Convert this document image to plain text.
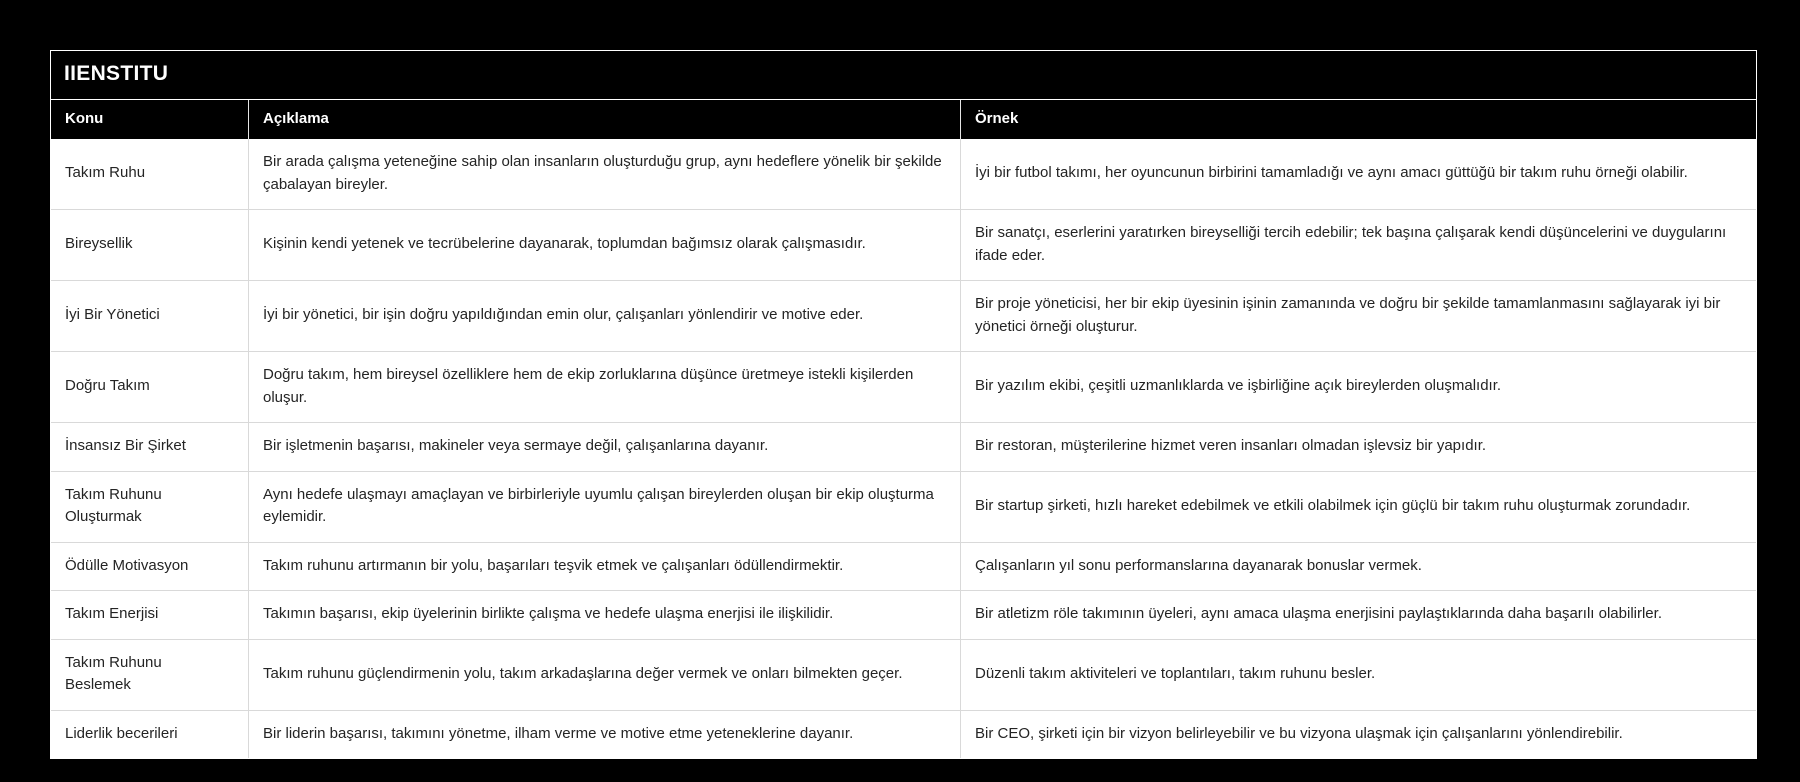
IIENSTITU
Konu	Açıklama	Örnek
Takım Ruhu	Bir arada çalışma yeteneğine sahip olan insanların oluşturduğu grup, aynı hedeflere yönelik bir şekilde çabalayan bireyler.	İyi bir futbol takımı, her oyuncunun birbirini tamamladığı ve aynı amacı güttüğü bir takım ruhu örneği olabilir.
Bireysellik	Kişinin kendi yetenek ve tecrübelerine dayanarak, toplumdan bağımsız olarak çalışmasıdır.	Bir sanatçı, eserlerini yaratırken bireyselliği tercih edebilir; tek başına çalışarak kendi düşüncelerini ve duygularını ifade eder.
İyi Bir Yönetici	İyi bir yönetici, bir işin doğru yapıldığından emin olur, çalışanları yönlendirir ve motive eder.	Bir proje yöneticisi, her bir ekip üyesinin işinin zamanında ve doğru bir şekilde tamamlanmasını sağlayarak iyi bir yönetici örneği oluşturur.
Doğru Takım	Doğru takım, hem bireysel özelliklere hem de ekip zorluklarına düşünce üretmeye istekli kişilerden oluşur.	Bir yazılım ekibi, çeşitli uzmanlıklarda ve işbirliğine açık bireylerden oluşmalıdır.
İnsansız Bir Şirket	Bir işletmenin başarısı, makineler veya sermaye değil, çalışanlarına dayanır.	Bir restoran, müşterilerine hizmet veren insanları olmadan işlevsiz bir yapıdır.
Takım Ruhunu Oluşturmak	Aynı hedefe ulaşmayı amaçlayan ve birbirleriyle uyumlu çalışan bireylerden oluşan bir ekip oluşturma eylemidir.	Bir startup şirketi, hızlı hareket edebilmek ve etkili olabilmek için güçlü bir takım ruhu oluşturmak zorundadır.
Ödülle Motivasyon	Takım ruhunu artırmanın bir yolu, başarıları teşvik etmek ve çalışanları ödüllendirmektir.	Çalışanların yıl sonu performanslarına dayanarak bonuslar vermek.
Takım Enerjisi	Takımın başarısı, ekip üyelerinin birlikte çalışma ve hedefe ulaşma enerjisi ile ilişkilidir.	Bir atletizm röle takımının üyeleri, aynı amaca ulaşma enerjisini paylaştıklarında daha başarılı olabilirler.
Takım Ruhunu Beslemek	Takım ruhunu güçlendirmenin yolu, takım arkadaşlarına değer vermek ve onları bilmekten geçer.	Düzenli takım aktiviteleri ve toplantıları, takım ruhunu besler.
Liderlik becerileri	Bir liderin başarısı, takımını yönetme, ilham verme ve motive etme yeteneklerine dayanır.	Bir CEO, şirketi için bir vizyon belirleyebilir ve bu vizyona ulaşmak için çalışanlarını yönlendirebilir.
